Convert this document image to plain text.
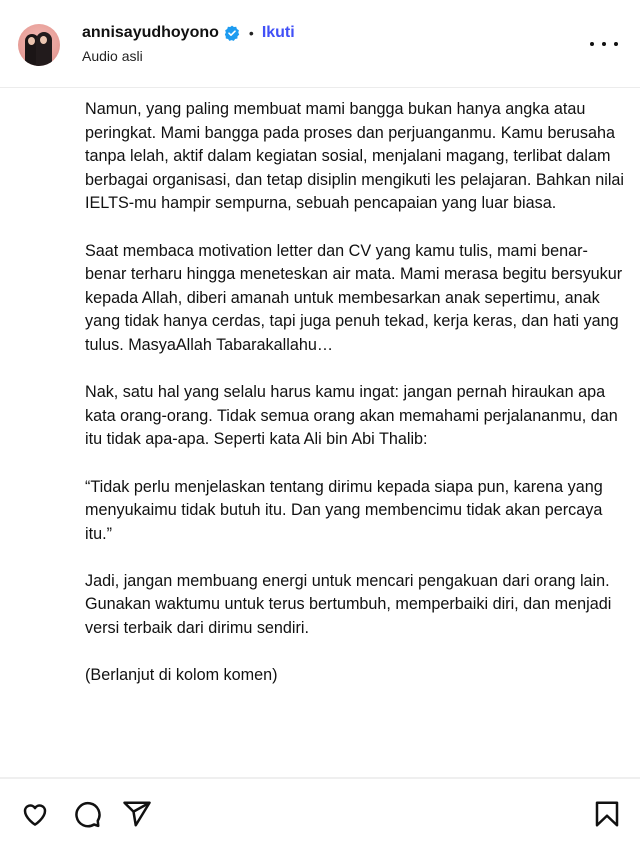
annisayudhoyono • Ikuti
Audio asli

Namun, yang paling membuat mami bangga bukan hanya angka atau peringkat. Mami bangga pada proses dan perjuanganmu. Kamu berusaha tanpa lelah, aktif dalam kegiatan sosial, menjalani magang, terlibat dalam berbagai organisasi, dan tetap disiplin mengikuti les pelajaran. Bahkan nilai IELTS-mu hampir sempurna, sebuah pencapaian yang luar biasa.

Saat membaca motivation letter dan CV yang kamu tulis, mami benar-benar terharu hingga meneteskan air mata. Mami merasa begitu bersyukur kepada Allah, diberi amanah untuk membesarkan anak sepertimu, anak yang tidak hanya cerdas, tapi juga penuh tekad, kerja keras, dan hati yang tulus. MasyaAllah Tabarakallahu…

Nak, satu hal yang selalu harus kamu ingat: jangan pernah hiraukan apa kata orang-orang. Tidak semua orang akan memahami perjalananmu, dan itu tidak apa-apa. Seperti kata Ali bin Abi Thalib:

“Tidak perlu menjelaskan tentang dirimu kepada siapa pun, karena yang menyukaimu tidak butuh itu. Dan yang membencimu tidak akan percaya itu.”

Jadi, jangan membuang energi untuk mencari pengakuan dari orang lain. Gunakan waktumu untuk terus bertumbuh, memperbaiki diri, dan menjadi versi terbaik dari dirimu sendiri.

(Berlanjut di kolom komen)
